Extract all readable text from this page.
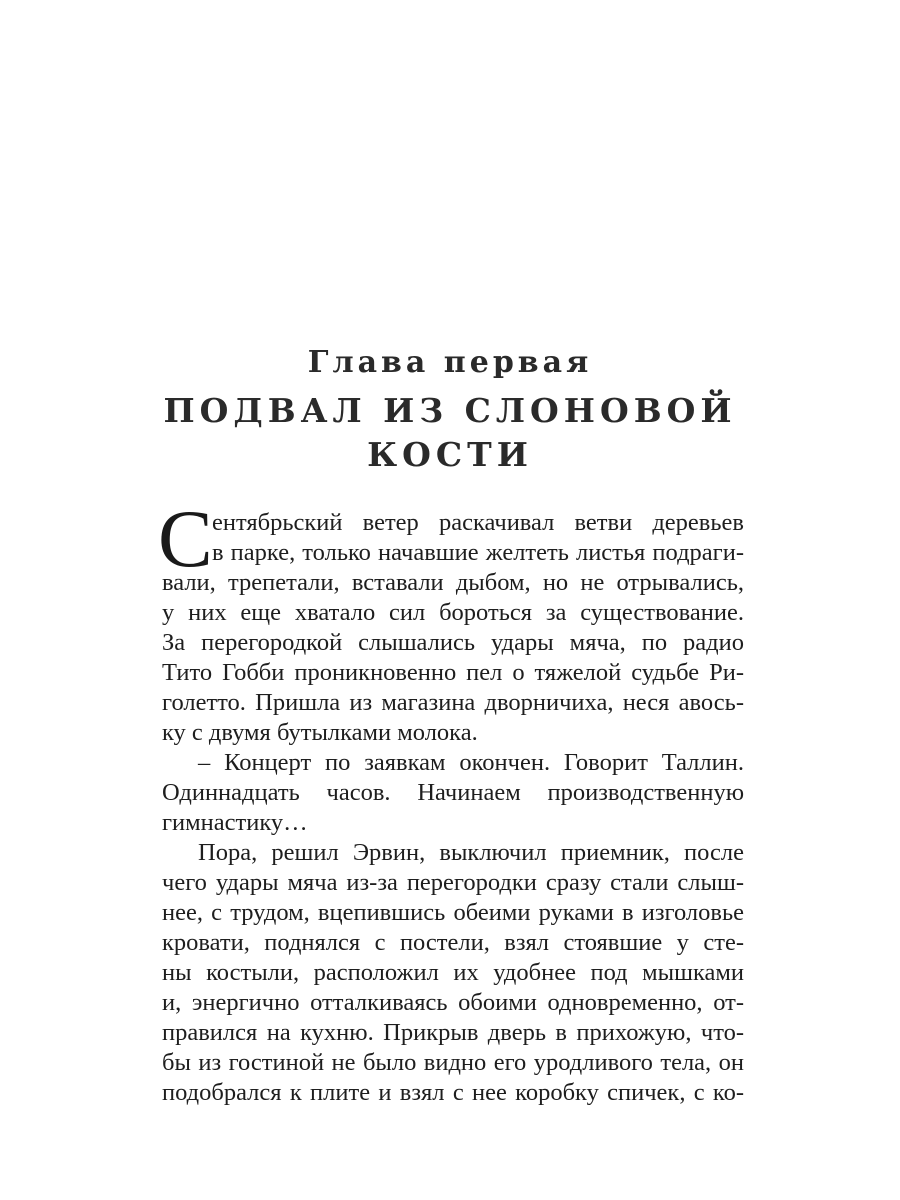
Глава первая
ПОДВАЛ ИЗ СЛОНОВОЙ
КОСТИ
С ентябрьский ветер раскачивал ветви деревьев
в парке, только начавшие желтеть листья подраги-
вали, трепетали, вставали дыбом, но не отрывались,
у них еще хватало сил бороться за существование.
За перегородкой слышались удары мяча, по радио
Тито Гобби проникновенно пел о тяжелой судьбе Ри-
голетто. Пришла из магазина дворничиха, неся авось-
ку с двумя бутылками молока.
– Концерт по заявкам окончен. Говорит Таллин.
Одиннадцать часов. Начинаем производственную
гимнастику…
Пора, решил Эрвин, выключил приемник, после
чего удары мяча из-за перегородки сразу стали слыш-
нее, с трудом, вцепившись обеими руками в изголовье
кровати, поднялся с постели, взял стоявшие у сте-
ны костыли, расположил их удобнее под мышками
и, энергично отталкиваясь обоими одновременно, от-
правился на кухню. Прикрыв дверь в прихожую, что-
бы из гостиной не было видно его уродливого тела, он
подобрался к плите и взял с нее коробку спичек, с ко-
